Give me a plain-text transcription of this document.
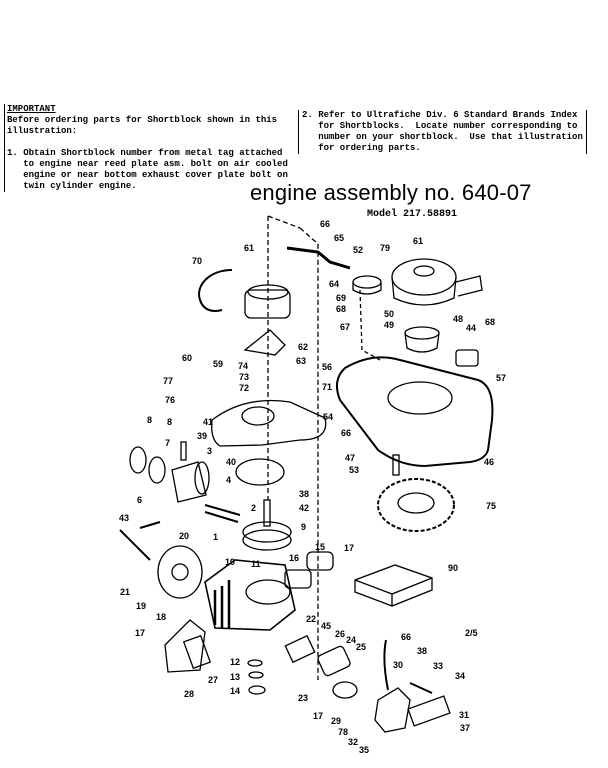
IMPORTANT
Before ordering parts for Shortblock shown in this
illustration:

1. Obtain Shortblock number from metal tag attached
to engine near reed plate asm. bolt on air cooled
engine or near bottom exhaust cover plate bolt on
twin cylinder engine.
2. Refer to Ultrafiche Div. 6 Standard Brands Index
for Shortblocks.  Locate number corresponding to
number on your shortblock.  Use that illustration
for ordering parts.
engine assembly no. 640-07
Model 217.58891
66
65
61
70
52 79
61
64
69
68
67
50
49
48 68
44
57
62
63
60
59 74
73
72
56
71
54
77
76
41
39
8 8
7
3
40
38
4
42
6
2
9
1
43
20
10 11
16
15 17
21
19
18
17
27
28
12
13
14
22
45
26
24
25
23
17 29
78
32
35
66
38
30	33
34
31
37
90
46
66
47
53
75
2/5
